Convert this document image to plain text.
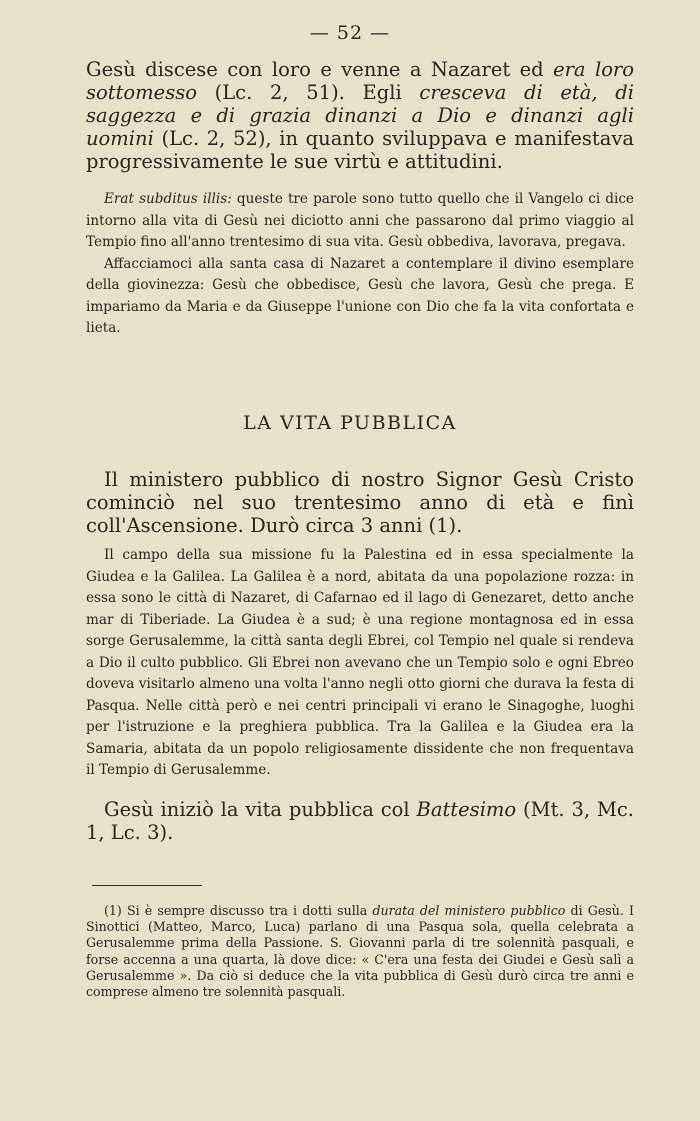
— 52 —

Gesù discese con loro e venne a Nazaret ed era loro sottomesso (Lc. 2, 51). Egli cresceva di età, di saggezza e di grazia dinanzi a Dio e dinanzi agli uomini (Lc. 2, 52), in quanto sviluppava e manifestava progressivamente le sue virtù e attitudini.

Erat subditus illis: queste tre parole sono tutto quello che il Vangelo ci dice intorno alla vita di Gesù nei diciotto anni che passarono dal primo viaggio al Tempio fino all'anno trentesimo di sua vita. Gesù obbediva, lavorava, pregava.

Affacciamoci alla santa casa di Nazaret a contemplare il divino esemplare della giovinezza: Gesù che obbedisce, Gesù che lavora, Gesù che prega. E impariamo da Maria e da Giuseppe l'unione con Dio che fa la vita confortata e lieta.

LA VITA PUBBLICA

Il ministero pubblico di nostro Signor Gesù Cristo cominciò nel suo trentesimo anno di età e finì coll'Ascensione. Durò circa 3 anni (1).

Il campo della sua missione fu la Palestina ed in essa specialmente la Giudea e la Galilea. La Galilea è a nord, abitata da una popolazione rozza: in essa sono le città di Nazaret, di Cafarnao ed il lago di Genezaret, detto anche mar di Tiberiade. La Giudea è a sud; è una regione montagnosa ed in essa sorge Gerusalemme, la città santa degli Ebrei, col Tempio nel quale si rendeva a Dio il culto pubblico. Gli Ebrei non avevano che un Tempio solo e ogni Ebreo doveva visitarlo almeno una volta l'anno negli otto giorni che durava la festa di Pasqua. Nelle città però e nei centri principali vi erano le Sinagoghe, luoghi per l'istruzione e la preghiera pubblica. Tra la Galilea e la Giudea era la Samaria, abitata da un popolo religiosamente dissidente che non frequentava il Tempio di Gerusalemme.

Gesù iniziò la vita pubblica col Battesimo (Mt. 3, Mc. 1, Lc. 3).

(1) Si è sempre discusso tra i dotti sulla durata del ministero pubblico di Gesù. I Sinottici (Matteo, Marco, Luca) parlano di una Pasqua sola, quella celebrata a Gerusalemme prima della Passione. S. Giovanni parla di tre solennità pasquali, e forse accenna a una quarta, là dove dice: « C'era una festa dei Giudei e Gesù salì a Gerusalemme ». Da ciò si deduce che la vita pubblica di Gesù durò circa tre anni e comprese almeno tre solennità pasquali.
